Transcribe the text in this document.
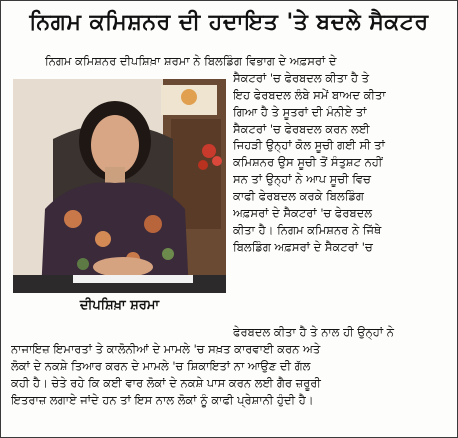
ਨਿਗਮ ਕਮਿਸ਼ਨਰ ਦੀ ਹਦਾਇਤ 'ਤੇ ਬਦਲੇ ਸੈਕਟਰ
ਨਿਗਮ ਕਮਿਸ਼ਨਰ ਦੀਪਸ਼ਿਖ਼ਾ ਸ਼ਰਮਾ ਨੇ ਬਿਲਡਿੰਗ ਵਿਭਾਗ ਦੇ ਅਫ਼ਸਰਾਂ ਦੇ
ਦੀਪਸ਼ਿਖ਼ਾ ਸ਼ਰਮਾ
ਸੈਕਟਰਾਂ 'ਚ ਫੇਰਬਦਲ ਕੀਤਾ ਹੈ ਤੇ
ਇਹ ਫੇਰਬਦਲ ਲੰਬੇ ਸਮੇਂ ਬਾਅਦ ਕੀਤਾ
ਗਿਆ ਹੈ ਤੇ ਸੂਤਰਾਂ ਦੀ ਮੰਨੀਏ ਤਾਂ
ਸੈਕਟਰਾਂ 'ਚ ਫੇਰਬਦਲ ਕਰਨ ਲਈ
ਜਿਹੜੀ ਉਨ੍ਹਾਂ ਕੋਲ ਸੂਚੀ ਗਈ ਸੀ ਤਾਂ
ਕਮਿਸ਼ਨਰ ਉਸ ਸੂਚੀ ਤੋਂ ਸੰਤੁਸ਼ਟ ਨਹੀਂ
ਸਨ ਤਾਂ ਉਨ੍ਹਾਂ ਨੇ ਆਪ ਸੂਚੀ ਵਿਚ
ਕਾਫੀ ਫੇਰਬਦਲ ਕਰਕੇ ਬਿਲਡਿੰਗ
ਅਫ਼ਸਰਾਂ ਦੇ ਸੈਕਟਰਾਂ 'ਚ ਫੇਰਬਦਲ
ਕੀਤਾ ਹੈ। ਨਿਗਮ ਕਮਿਸ਼ਨਰ ਨੇ ਜਿੱਥੇ
ਬਿਲਡਿੰਗ ਅਫ਼ਸਰਾਂ ਦੇ ਸੈਕਟਰਾਂ 'ਚ
ਫੇਰਬਦਲ ਕੀਤਾ ਹੈ ਤੇ ਨਾਲ ਹੀ ਉਨ੍ਹਾਂ ਨੇ
ਨਾਜਾਇਜ਼ ਇਮਾਰਤਾਂ ਤੇ ਕਾਲੋਨੀਆਂ ਦੇ ਮਾਮਲੇ 'ਚ ਸਖ਼ਤ ਕਾਰਵਾਈ ਕਰਨ ਅਤੇ
ਲੋਕਾਂ ਦੇ ਨਕਸ਼ੇ ਤਿਆਰ ਕਰਨ ਦੇ ਮਾਮਲੇ 'ਚ ਸ਼ਿਕਾਇਤਾਂ ਨਾ ਆਉਣ ਦੀ ਗੱਲ
ਕਹੀ ਹੈ। ਚੇਤੇ ਰਹੇ ਕਿ ਕਈ ਵਾਰ ਲੋਕਾਂ ਦੇ ਨਕਸ਼ੇ ਪਾਸ ਕਰਨ ਲਈ ਗੈਰ ਜ਼ਰੂਰੀ
ਇਤਰਾਜ਼ ਲਗਾਏ ਜਾਂਦੇ ਹਨ ਤਾਂ ਇਸ ਨਾਲ ਲੋਕਾਂ ਨੂੰ ਕਾਫੀ ਪ੍ਰੇਸ਼ਾਨੀ ਹੁੰਦੀ ਹੈ।
